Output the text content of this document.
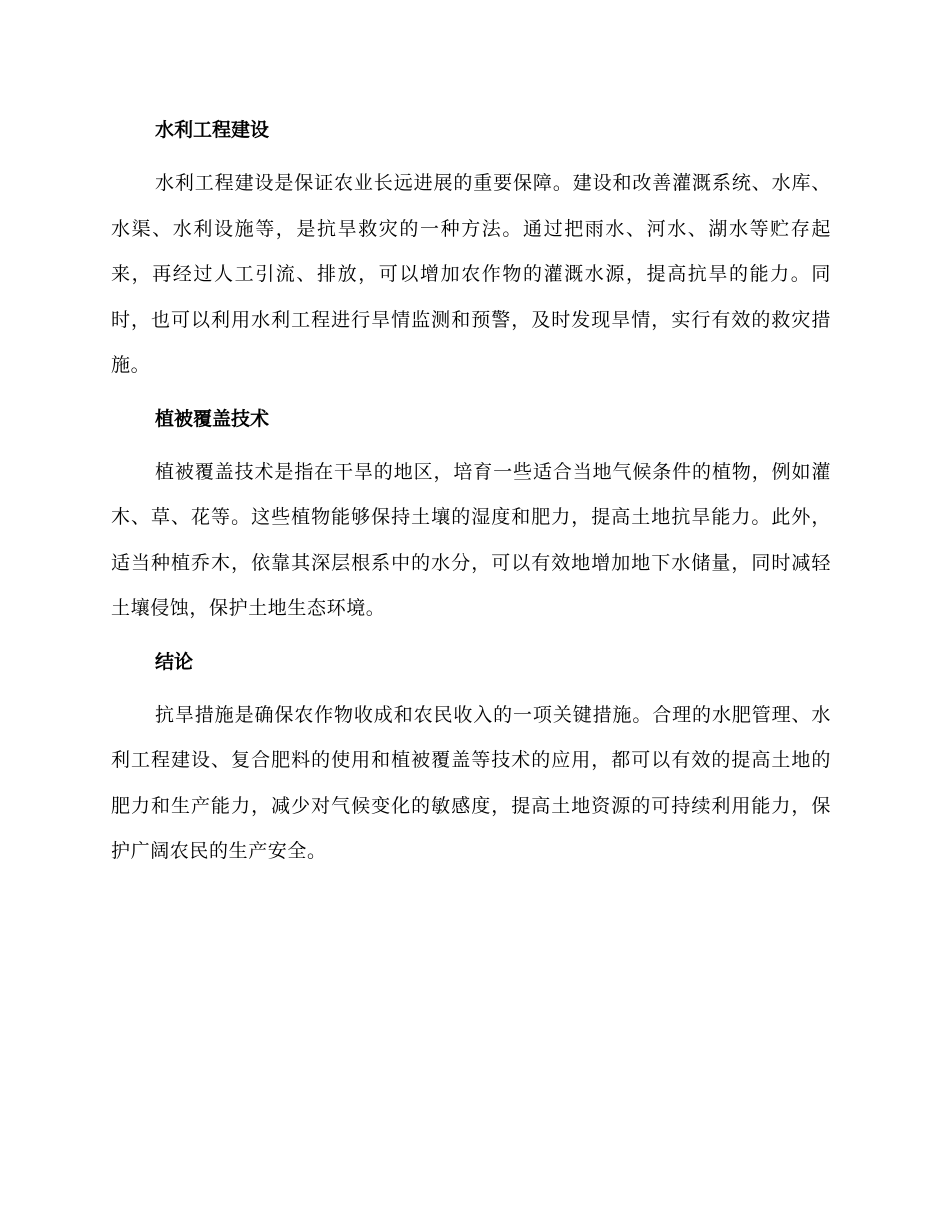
水利工程建设

水利工程建设是保证农业长远进展的重要保障。建设和改善灌溉系统、水库、水渠、水利设施等，是抗旱救灾的一种方法。通过把雨水、河水、湖水等贮存起来，再经过人工引流、排放，可以增加农作物的灌溉水源，提高抗旱的能力。同时，也可以利用水利工程进行旱情监测和预警，及时发现旱情，实行有效的救灾措施。

植被覆盖技术

植被覆盖技术是指在干旱的地区，培育一些适合当地气候条件的植物，例如灌木、草、花等。这些植物能够保持土壤的湿度和肥力，提高土地抗旱能力。此外，适当种植乔木，依靠其深层根系中的水分，可以有效地增加地下水储量，同时减轻土壤侵蚀，保护土地生态环境。

结论

抗旱措施是确保农作物收成和农民收入的一项关键措施。合理的水肥管理、水利工程建设、复合肥料的使用和植被覆盖等技术的应用，都可以有效的提高土地的肥力和生产能力，减少对气候变化的敏感度，提高土地资源的可持续利用能力，保护广阔农民的生产安全。
